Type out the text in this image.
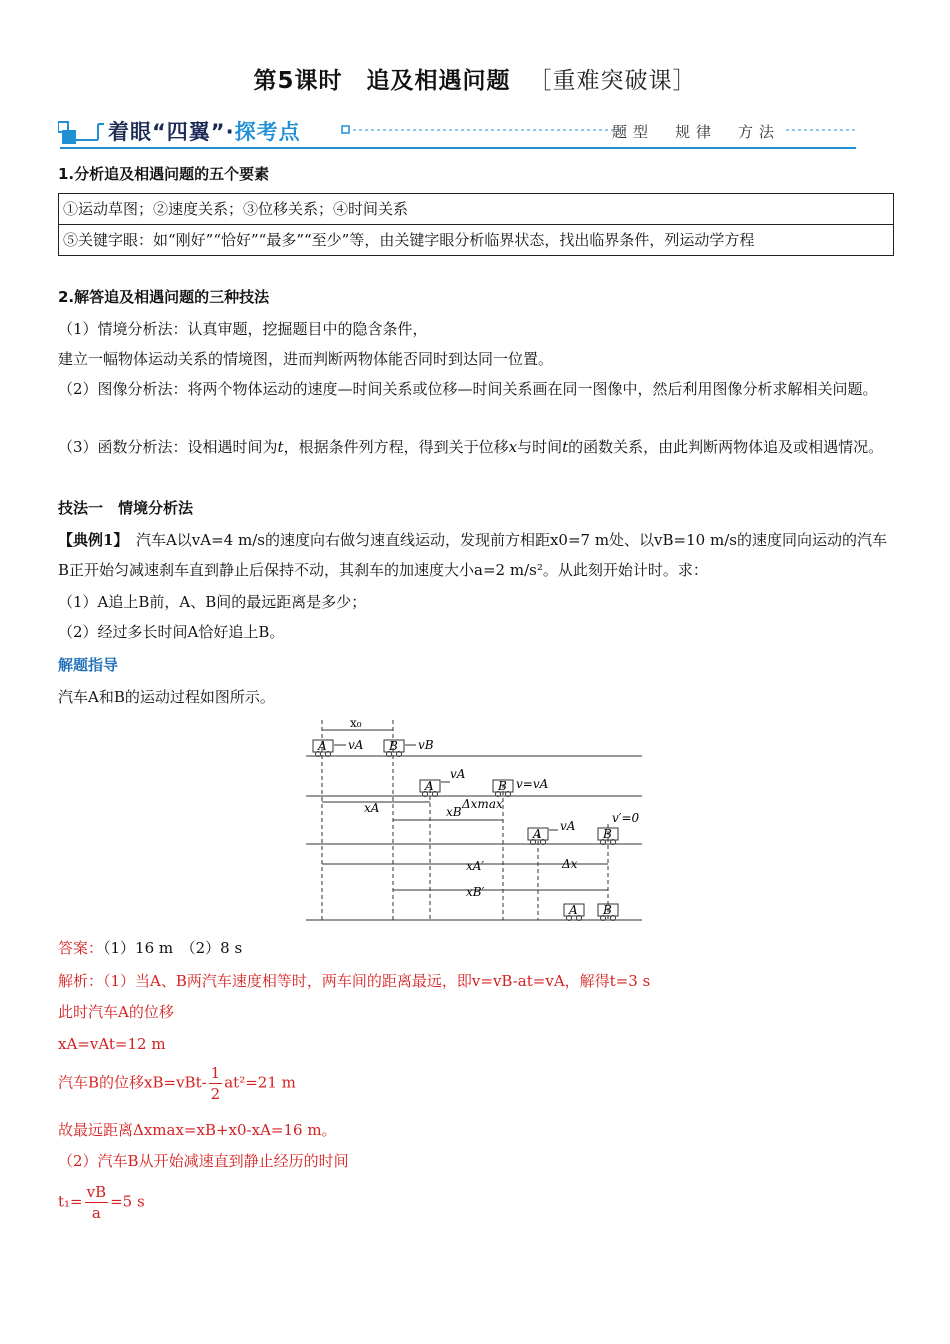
第5课时　追及相遇问题 ［重难突破课］
着眼“四翼”·探考点	题型　规律　方法
1.分析追及相遇问题的五个要素
①运动草图；②速度关系；③位移关系；④时间关系
⑤关键字眼：如“刚好”“恰好”“最多”“至少”等，由关键字眼分析临界状态，找出临界条件，列运动学方程
2.解答追及相遇问题的三种技法
（1）情境分析法：认真审题，挖掘题目中的隐含条件，
建立一幅物体运动关系的情境图，进而判断两物体能否同时到达同一位置。
（2）图像分析法：将两个物体运动的速度—时间关系或位移—时间关系画在同一图像中，然后利用图像分析求解相关问题。
（3）函数分析法：设相遇时间为t，根据条件列方程，得到关于位移x与时间t的函数关系，由此判断两物体追及或相遇情况。
技法一　情境分析法
【典例1】　 汽车A以vA=4 m/s的速度向右做匀速直线运动，发现前方相距x0=7 m处、以vB=10 m/s的速度同向运动的汽车B正开始匀减速刹车直到静止后保持不动，其刹车的加速度大小a=2 m/s²。从此刻开始计时。求：
（1）A追上B前，A、B间的最远距离是多少；
（2）经过多长时间A恰好追上B。
解题指导
汽车A和B的运动过程如图所示。
x₀
A vA B vB
A
vA
B v=vA
xA	xB
Δxmax
A
vA
B
v′=0
xA′	Δx
xB′
A B
答案：（1）16 m　（2）8 s
解析：（1）当A、B两汽车速度相等时，两车间的距离最远，即v=vB-at=vA，解得t=3 s
此时汽车A的位移
xA=vAt=12 m
汽车B的位移$xB=vBt- \frac{1}{2} at^2=21$ m
故最远距离Δxmax=xB+x0-xA=16 m。
（2）汽车B从开始减速直到静止经历的时间
$t_1= \frac{vB}{a} =5$ s
